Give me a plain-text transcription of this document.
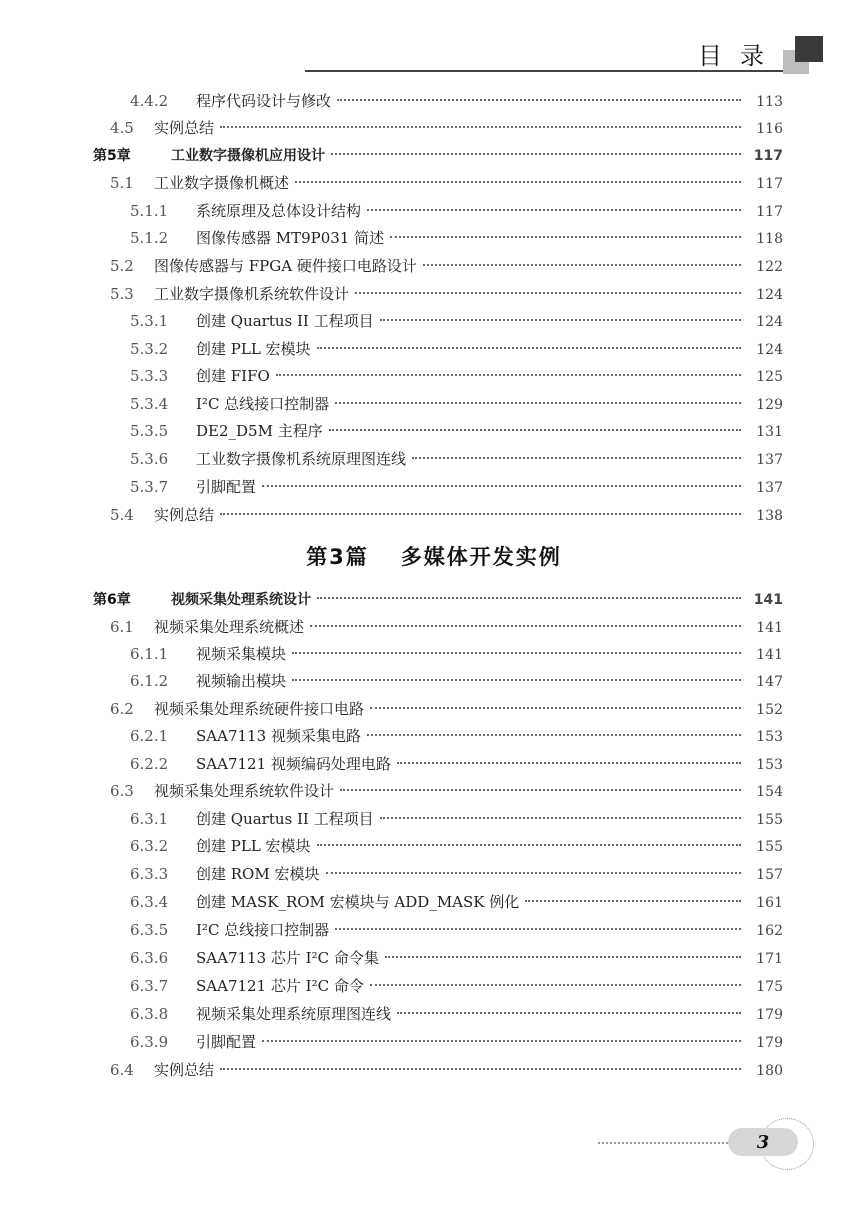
目录
4.4.2	程序代码设计与修改	113
4.5	实例总结	116
第5章	工业数字摄像机应用设计	117
5.1	工业数字摄像机概述	117
5.1.1	系统原理及总体设计结构	117
5.1.2	图像传感器 MT9P031 简述	118
5.2	图像传感器与 FPGA 硬件接口电路设计	122
5.3	工业数字摄像机系统软件设计	124
5.3.1	创建 Quartus II 工程项目	124
5.3.2	创建 PLL 宏模块	124
5.3.3	创建 FIFO	125
5.3.4	I²C 总线接口控制器	129
5.3.5	DE2_D5M 主程序	131
5.3.6	工业数字摄像机系统原理图连线	137
5.3.7	引脚配置	137
5.4	实例总结	138
第6章	视频采集处理系统设计	141
6.1	视频采集处理系统概述	141
6.1.1	视频采集模块	141
6.1.2	视频输出模块	147
6.2	视频采集处理系统硬件接口电路	152
6.2.1	SAA7113 视频采集电路	153
6.2.2	SAA7121 视频编码处理电路	153
6.3	视频采集处理系统软件设计	154
6.3.1	创建 Quartus II 工程项目	155
6.3.2	创建 PLL 宏模块	155
6.3.3	创建 ROM 宏模块	157
6.3.4	创建 MASK_ROM 宏模块与 ADD_MASK 例化	161
6.3.5	I²C 总线接口控制器	162
6.3.6	SAA7113 芯片 I²C 命令集	171
6.3.7	SAA7121 芯片 I²C 命令	175
6.3.8	视频采集处理系统原理图连线	179
6.3.9	引脚配置	179
6.4	实例总结	180
第3篇 多媒体开发实例
3
